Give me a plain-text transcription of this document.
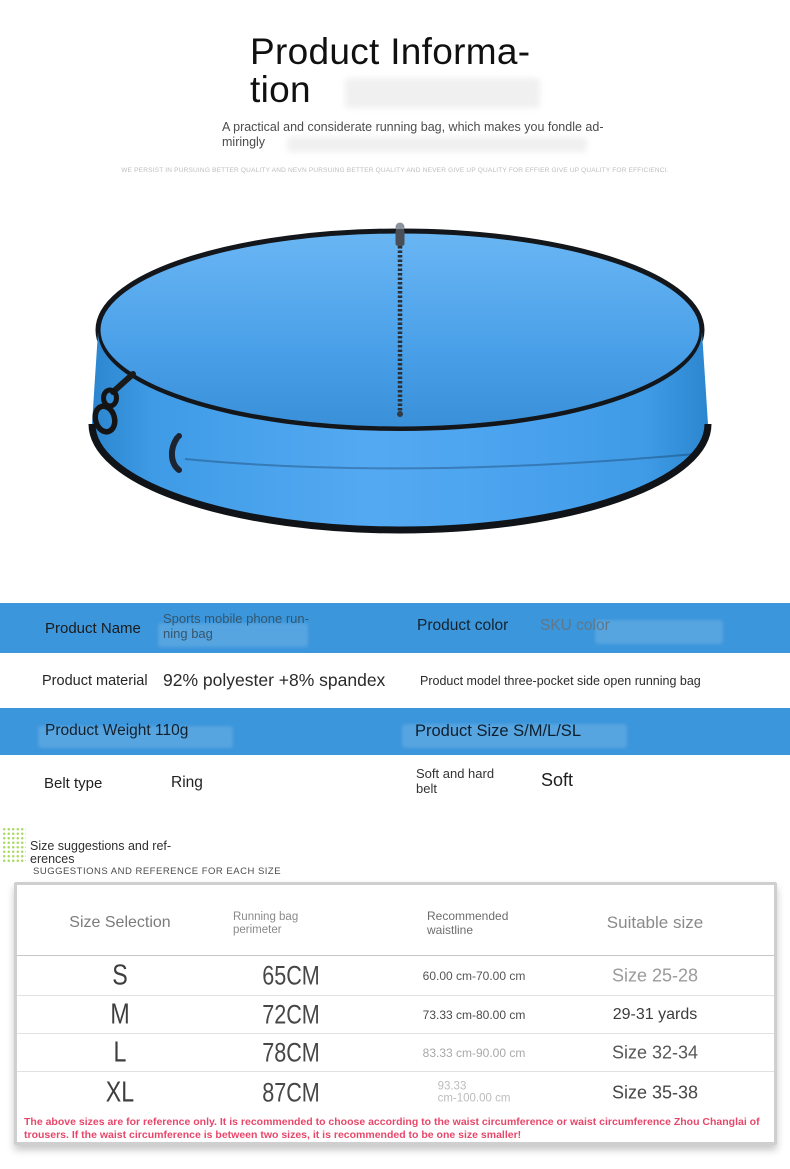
Product Informa-
tion
A practical and considerate running bag, which makes you fondle ad-
miringly
WE PERSIST IN PURSUING BETTER QUALITY AND NEVN PURSUING BETTER QUALITY AND NEVER GIVE UP QUALITY FOR EFFIER GIVE UP QUALITY FOR EFFICIENCI.
Product Name
Sports mobile phone run-
ning bag	Product color SKU color
Product material 92% polyester +8% spandex	Product model three-pocket side open running bag
Product Weight 110g	Product Size S/M/L/SL
Belt type	Ring
Soft and hard
belt	Soft
Size suggestions and ref-
erences
SUGGESTIONS AND REFERENCE FOR EACH SIZE
Size Selection	Running bag
perimeter
Recommended
waistline	Suitable size
S	65CM	60.00 cm-70.00 cm	Size 25-28
M	72CM	73.33 cm-80.00 cm	29-31 yards
L	78CM	83.33 cm-90.00 cm	Size 32-34
XL	87CM	93.33
cm-100.00 cm	Size 35-38
The above sizes are for reference only. It is recommended to choose according to the waist circumference or waist circumference Zhou Changlai of trousers. If the waist circumference is between two sizes, it is recommended to be one size smaller!
